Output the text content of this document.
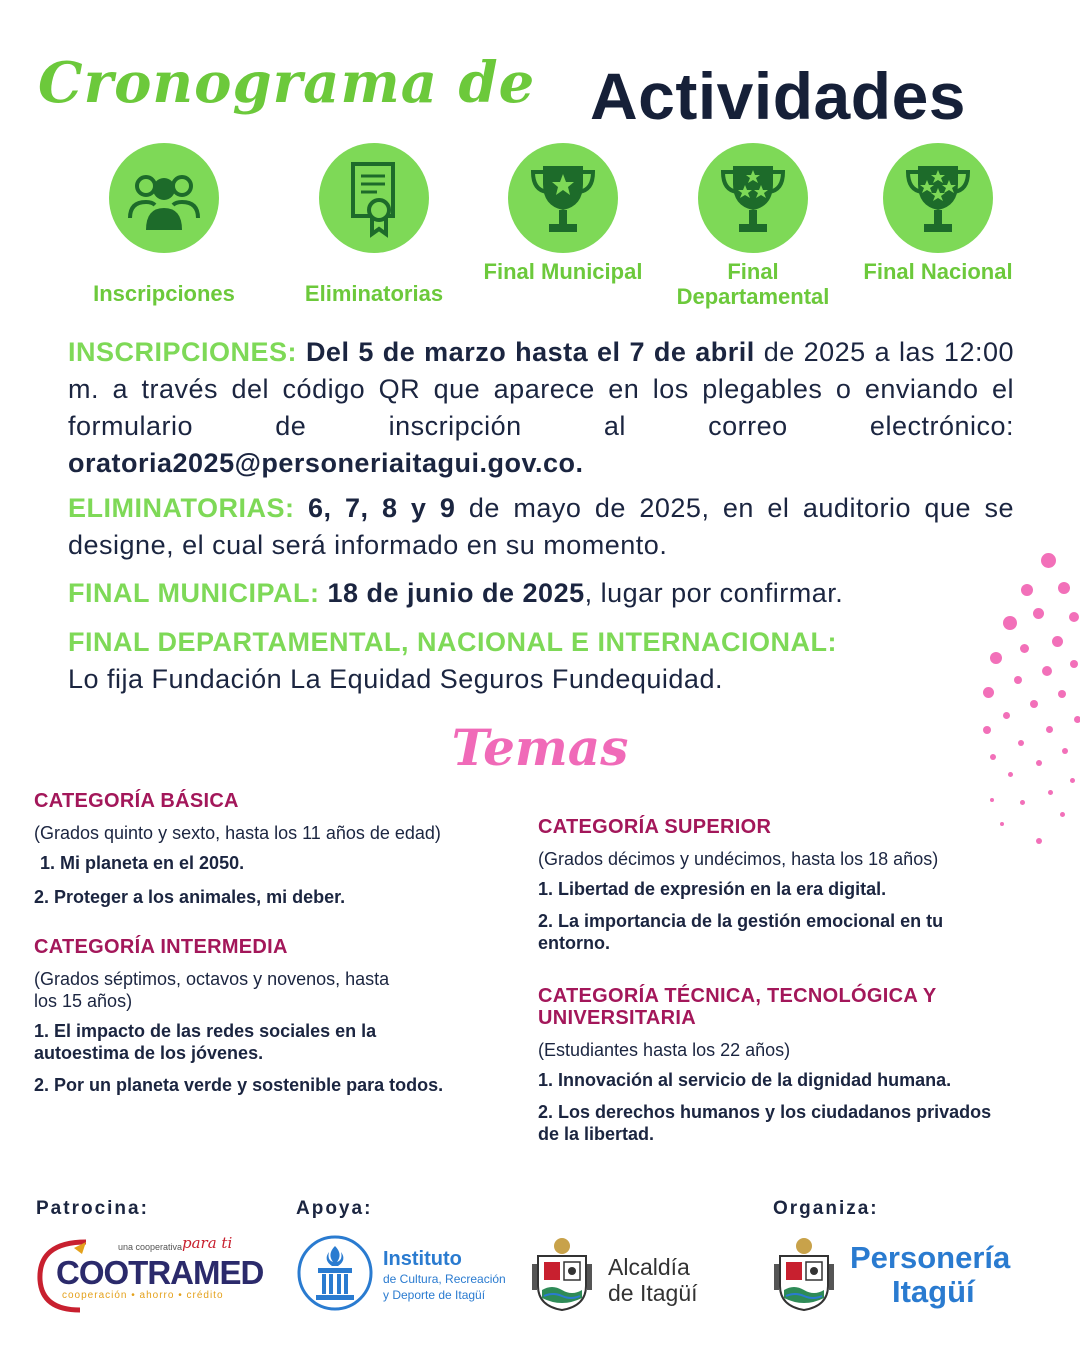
Cronograma de Actividades
Inscripciones	Eliminatorias
Final Municipal	Final Departamental
Final Nacional
INSCRIPCIONES: Del 5 de marzo hasta el 7 de abril de 2025 a las 12:00 m. a través del código QR que aparece en los plegables o enviando el formulario de inscripción al correo electrónico: oratoria2025@personeriaitagui.gov.co.
ELIMINATORIAS: 6, 7, 8 y 9 de mayo de 2025, en el auditorio que se designe, el cual será informado en su momento.
FINAL MUNICIPAL: 18 de junio de 2025, lugar por confirmar.
FINAL DEPARTAMENTAL, NACIONAL E INTERNACIONAL:
Lo fija Fundación La Equidad Seguros Fundequidad.
Temas
CATEGORÍA BÁSICA
(Grados quinto y sexto, hasta los 11 años de edad)
1. Mi planeta en el 2050.
2. Proteger a los animales, mi deber.
CATEGORÍA INTERMEDIA
(Grados séptimos, octavos y novenos, hasta los 15 años)
1. El impacto de las redes sociales en la autoestima de los jóvenes.
2. Por un planeta verde y sostenible para todos.
CATEGORÍA SUPERIOR
(Grados décimos y undécimos, hasta los 18 años)
1. Libertad de expresión en la era digital.
2. La importancia de la gestión emocional en tu entorno.
CATEGORÍA TÉCNICA, TECNOLÓGICA Y UNIVERSITARIA
(Estudiantes hasta los 22 años)
1. Innovación al servicio de la dignidad humana.
2. Los derechos humanos y los ciudadanos privados de la libertad.
Patrocina:	Apoya:	Organiza:
una cooperativa para ti
COOTRAMED
cooperación • ahorro • crédito
Instituto
de Cultura, Recreación
y Deporte de Itagüí
Alcaldía
de Itagüí
Personería
Itagüí
